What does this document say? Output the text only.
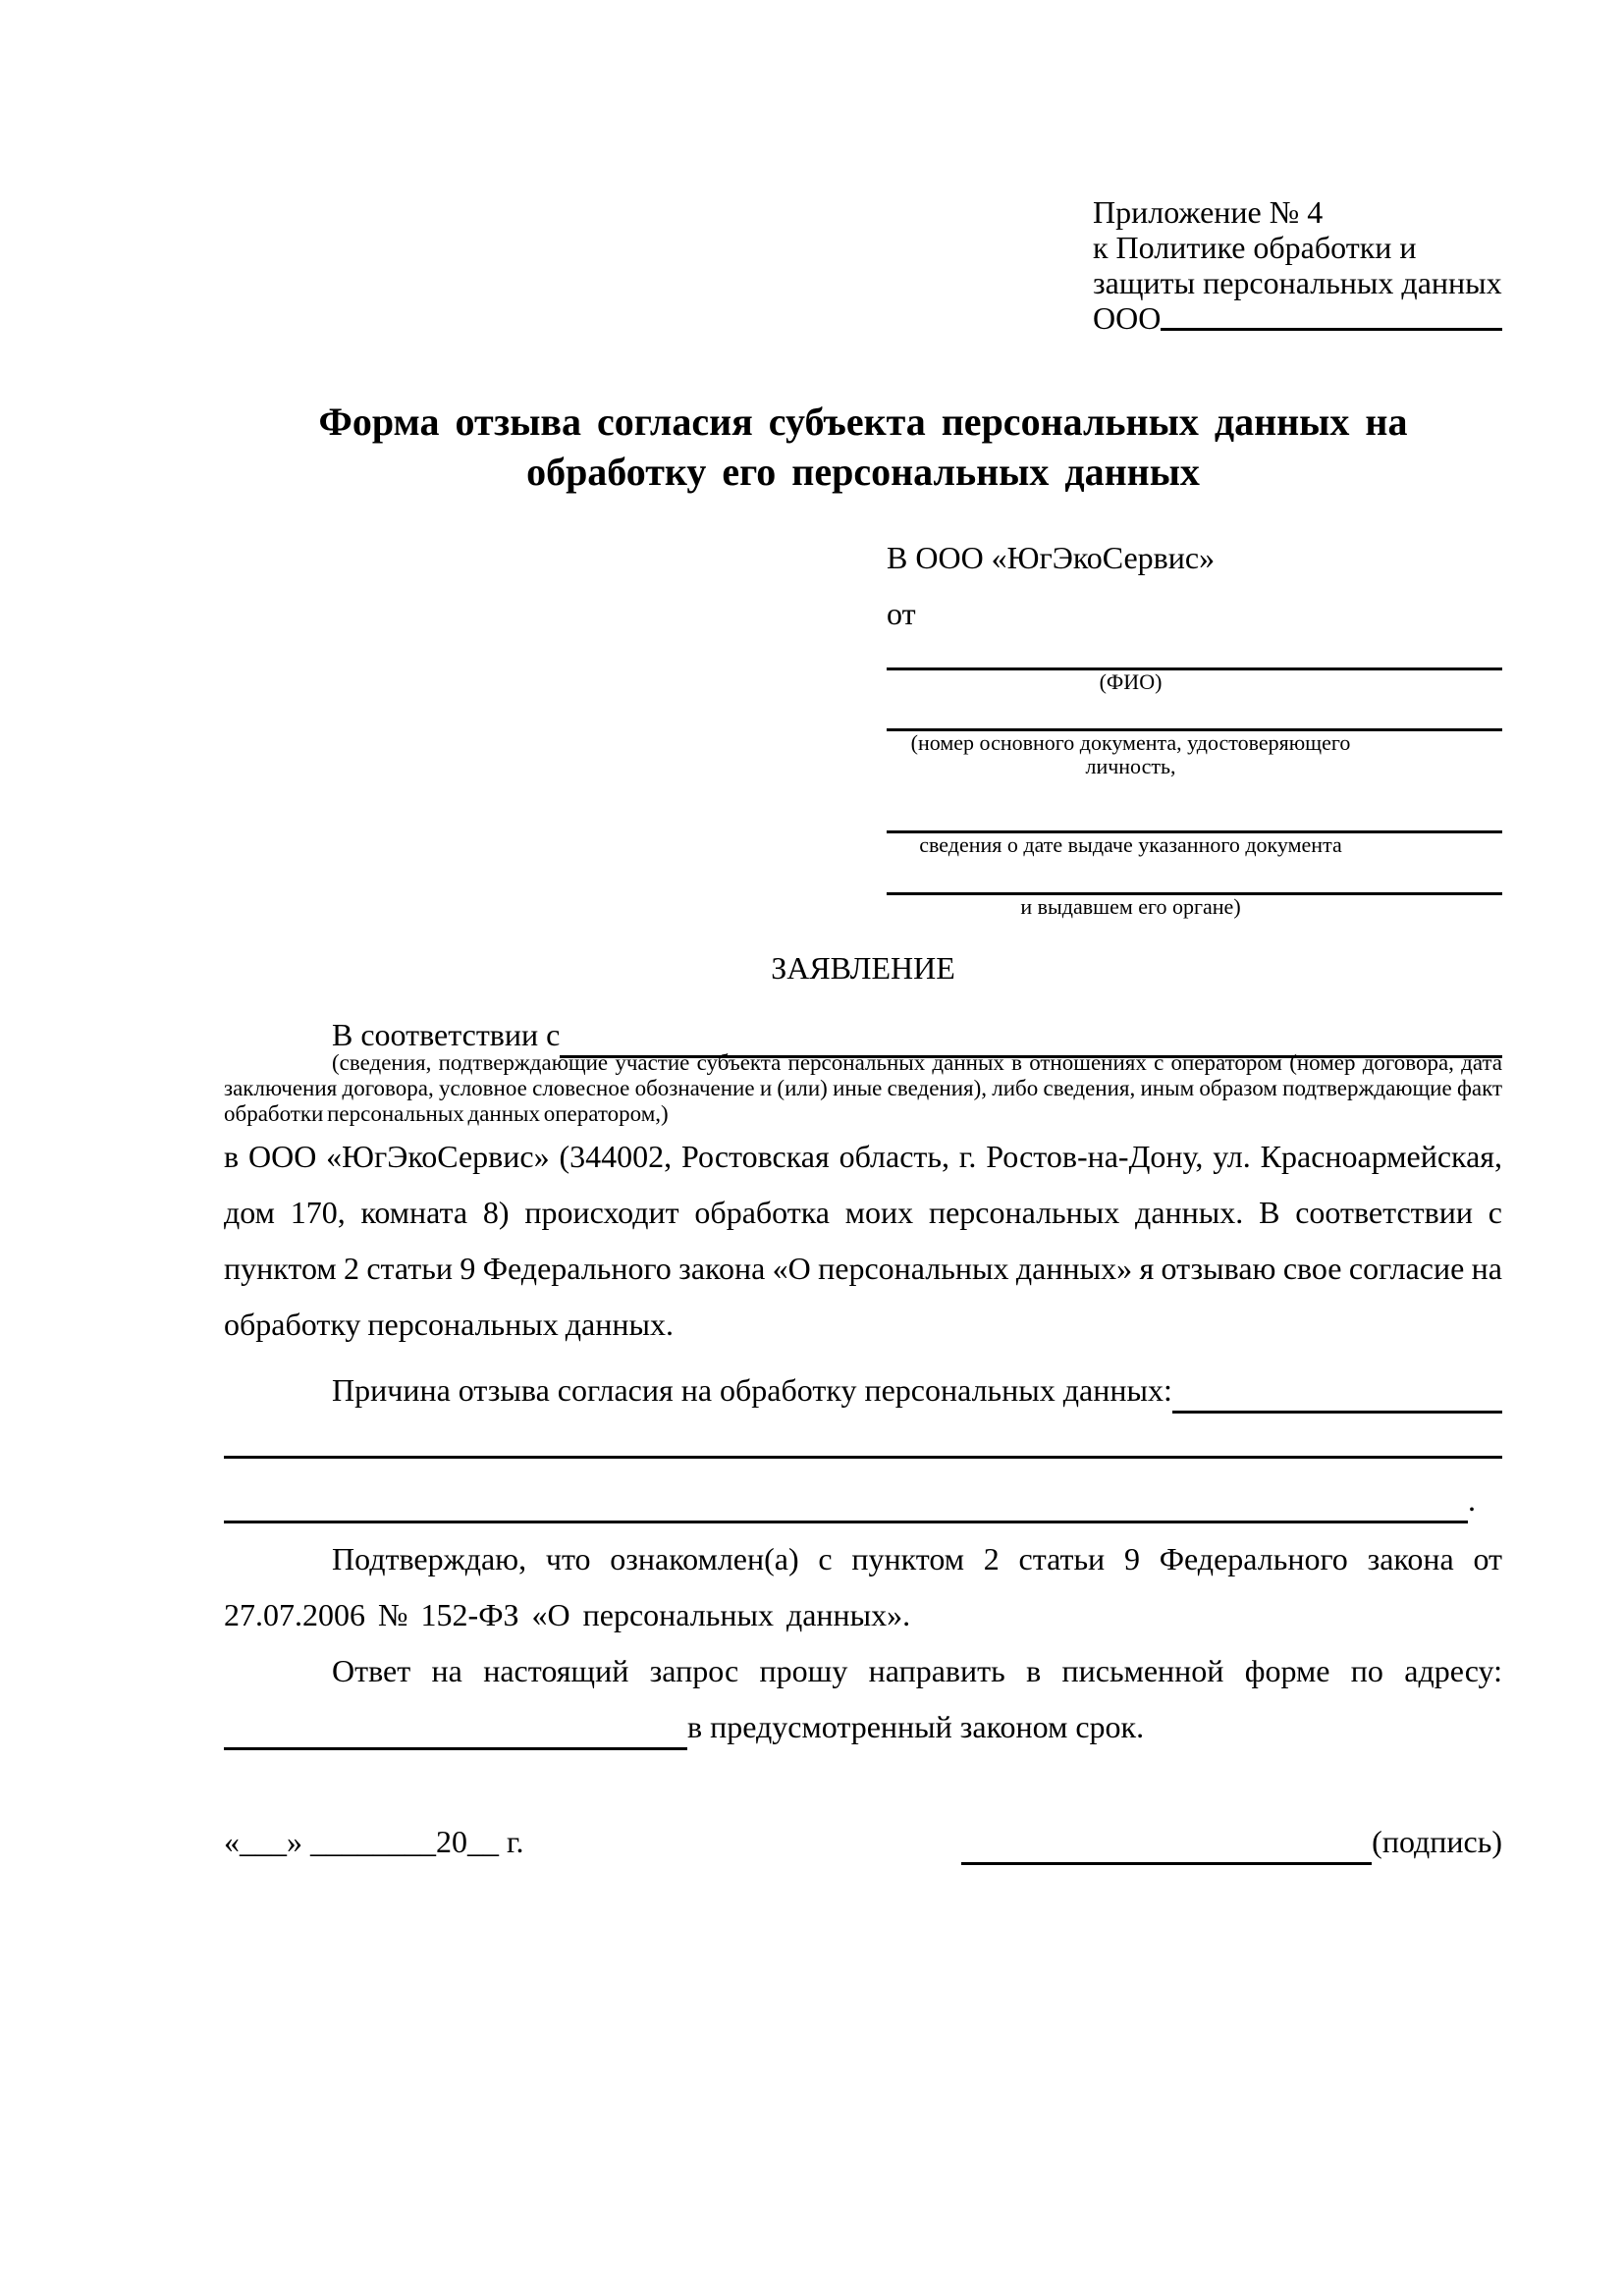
Приложение № 4
к Политике обработки и
защиты персональных данных
ООО
Форма отзыва согласия субъекта персональных данных на обработку его персональных данных
В ООО «ЮгЭкоСервис»
от
(ФИО)
(номер основного документа, удостоверяющего личность,
сведения о дате выдаче указанного документа
и выдавшем его органе)
ЗАЯВЛЕНИЕ
В соответствии с
(сведения, подтверждающие участие субъекта персональных данных в отношениях с оператором (номер договора, дата заключения договора, условное словесное обозначение и (или) иные сведения), либо сведения, иным образом подтверждающие факт обработки персональных данных оператором,)
в ООО «ЮгЭкоСервис» (344002, Ростовская область, г. Ростов-на-Дону, ул. Красноармейская, дом 170, комната 8) происходит обработка моих персональных данных. В соответствии с пунктом 2 статьи 9 Федерального закона «О персональных данных» я отзываю свое согласие на обработку персональных данных.
Причина отзыва согласия на обработку персональных данных:
.
Подтверждаю, что ознакомлен(а) с пунктом 2 статьи 9 Федерального закона от 27.07.2006 № 152-ФЗ «О персональных данных».
Ответ на настоящий запрос прошу направить в письменной форме по адресу:
в предусмотренный законом срок.
«___» ________20__ г.	(подпись)
